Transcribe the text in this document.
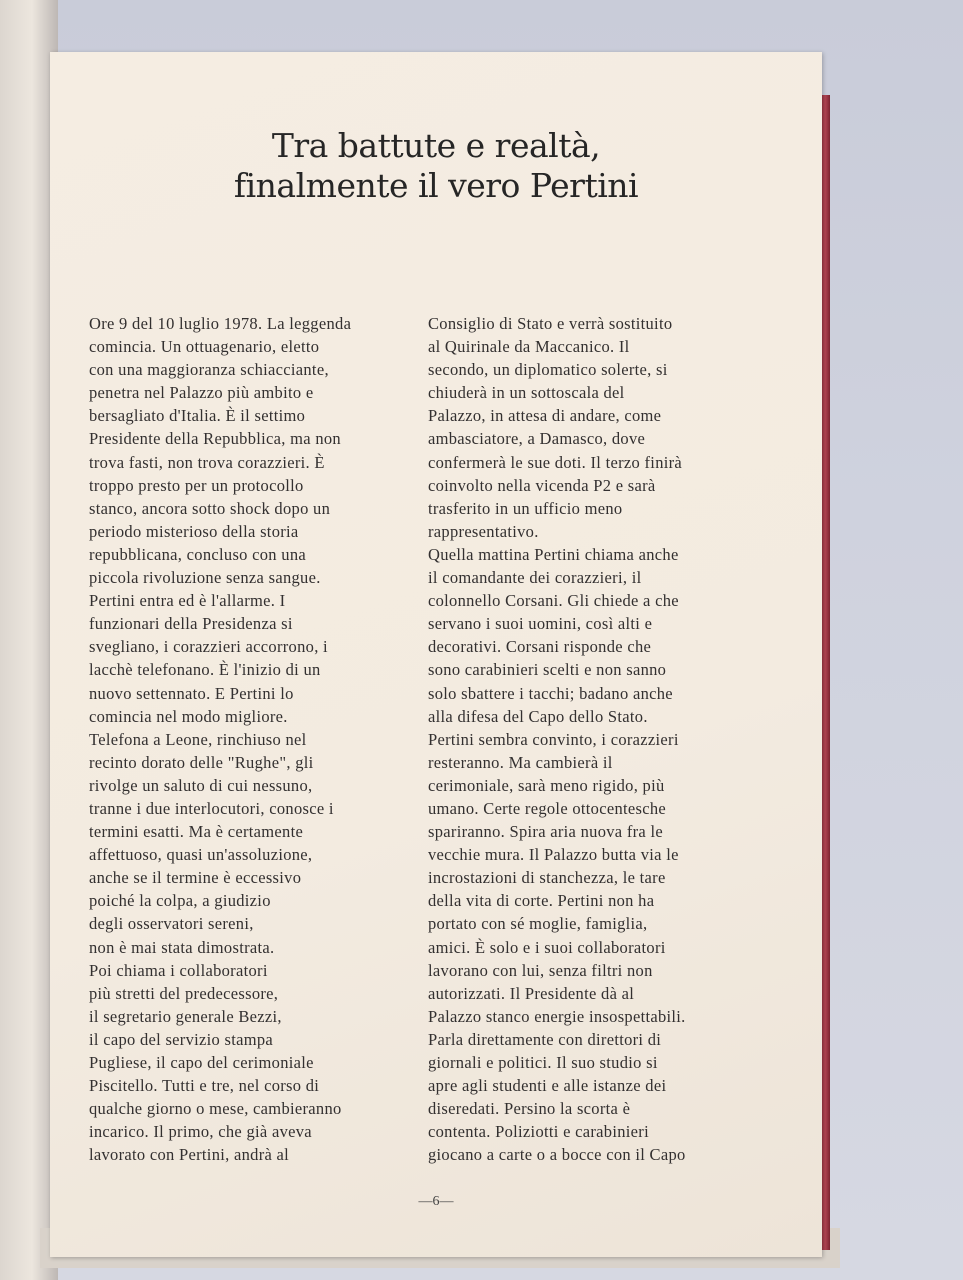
Tra battute e realtà,
finalmente il vero Pertini
Ore 9 del 10 luglio 1978. La leggenda
comincia. Un ottuagenario, eletto
con una maggioranza schiacciante,
penetra nel Palazzo più ambito e
bersagliato d'Italia. È il settimo
Presidente della Repubblica, ma non
trova fasti, non trova corazzieri. È
troppo presto per un protocollo
stanco, ancora sotto shock dopo un
periodo misterioso della storia
repubblicana, concluso con una
piccola rivoluzione senza sangue.
Pertini entra ed è l'allarme. I
funzionari della Presidenza si
svegliano, i corazzieri accorrono, i
lacchè telefonano. È l'inizio di un
nuovo settennato. E Pertini lo
comincia nel modo migliore.
Telefona a Leone, rinchiuso nel
recinto dorato delle "Rughe", gli
rivolge un saluto di cui nessuno,
tranne i due interlocutori, conosce i
termini esatti. Ma è certamente
affettuoso, quasi un'assoluzione,
anche se il termine è eccessivo
poiché la colpa, a giudizio
degli osservatori sereni,
non è mai stata dimostrata.
Poi chiama i collaboratori
più stretti del predecessore,
il segretario generale Bezzi,
il capo del servizio stampa
Pugliese, il capo del cerimoniale
Piscitello. Tutti e tre, nel corso di
qualche giorno o mese, cambieranno
incarico. Il primo, che già aveva
lavorato con Pertini, andrà al
Consiglio di Stato e verrà sostituito
al Quirinale da Maccanico. Il
secondo, un diplomatico solerte, si
chiuderà in un sottoscala del
Palazzo, in attesa di andare, come
ambasciatore, a Damasco, dove
confermerà le sue doti. Il terzo finirà
coinvolto nella vicenda P2 e sarà
trasferito in un ufficio meno
rappresentativo.
Quella mattina Pertini chiama anche
il comandante dei corazzieri, il
colonnello Corsani. Gli chiede a che
servano i suoi uomini, così alti e
decorativi. Corsani risponde che
sono carabinieri scelti e non sanno
solo sbattere i tacchi; badano anche
alla difesa del Capo dello Stato.
Pertini sembra convinto, i corazzieri
resteranno. Ma cambierà il
cerimoniale, sarà meno rigido, più
umano. Certe regole ottocentesche
spariranno. Spira aria nuova fra le
vecchie mura. Il Palazzo butta via le
incrostazioni di stanchezza, le tare
della vita di corte. Pertini non ha
portato con sé moglie, famiglia,
amici. È solo e i suoi collaboratori
lavorano con lui, senza filtri non
autorizzati. Il Presidente dà al
Palazzo stanco energie insospettabili.
Parla direttamente con direttori di
giornali e politici. Il suo studio si
apre agli studenti e alle istanze dei
diseredati. Persino la scorta è
contenta. Poliziotti e carabinieri
giocano a carte o a bocce con il Capo
—6—
